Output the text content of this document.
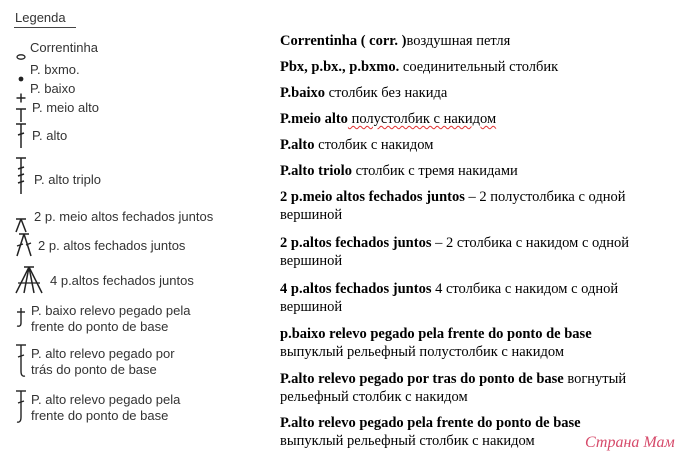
Legenda
Correntinha
P. bxmo.
P. baixo
P. meio alto
P. alto
P. alto triplo
2 p. meio altos fechados juntos
2 p. altos fechados juntos
4 p.altos fechados juntos
P. baixo relevo pegado pela
frente do ponto de base
P. alto relevo pegado por
trás do ponto de base
P. alto relevo pegado pela
frente do ponto de base
Correntinha ( corr. )воздушная петля
Pbx, p.bx., p.bxmo. соединительный столбик
P.baixo столбик без накида
P.meio alto полустолбик с накидом
P.alto столбик с накидом
P.alto triolo столбик с тремя накидами
2 p.meio altos fechados juntos – 2 полустолбика с одной вершиной
2 p.altos fechados juntos – 2 столбика с накидом с одной вершиной
4 p.altos fechados juntos 4 столбика с накидом с одной вершиной
p.baixo relevo pegado pela frente do ponto de base
выпуклый рельефный полустолбик с накидом
P.alto relevo pegado por tras do ponto de base вогнутый рельефный столбик с накидом
P.alto relevo pegado pela frente do ponto de base
выпуклый рельефный столбик с накидом	Страна Мам
